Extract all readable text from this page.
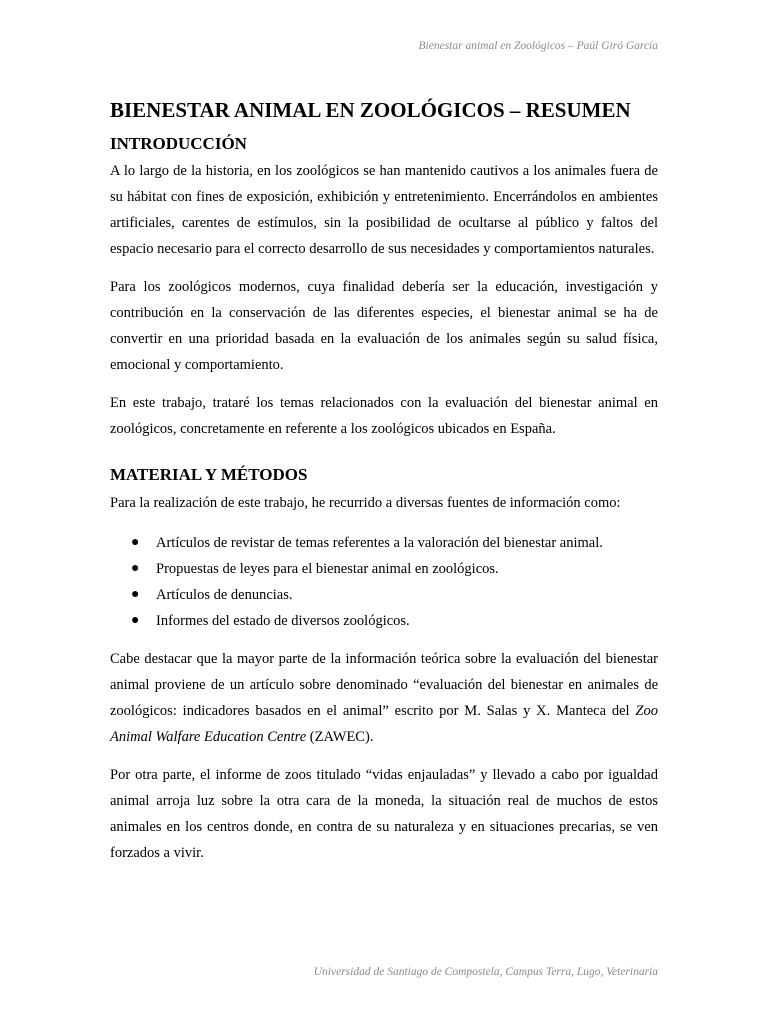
Bienestar animal en Zoológicos – Paúl Giró García
BIENESTAR ANIMAL EN ZOOLÓGICOS – RESUMEN
INTRODUCCIÓN

A lo largo de la historia, en los zoológicos se han mantenido cautivos a los animales fuera de su hábitat con fines de exposición, exhibición y entretenimiento. Encerrándolos en ambientes artificiales, carentes de estímulos, sin la posibilidad de ocultarse al público y faltos del espacio necesario para el correcto desarrollo de sus necesidades y comportamientos naturales.

Para los zoológicos modernos, cuya finalidad debería ser la educación, investigación y contribución en la conservación de las diferentes especies, el bienestar animal se ha de convertir en una prioridad basada en la evaluación de los animales según su salud física, emocional y comportamiento.

En este trabajo, trataré los temas relacionados con la evaluación del bienestar animal en zoológicos, concretamente en referente a los zoológicos ubicados en España.

MATERIAL Y MÉTODOS

Para la realización de este trabajo, he recurrido a diversas fuentes de información como:

● Artículos de revistar de temas referentes a la valoración del bienestar animal.
● Propuestas de leyes para el bienestar animal en zoológicos.
● Artículos de denuncias.
● Informes del estado de diversos zoológicos.

Cabe destacar que la mayor parte de la información teórica sobre la evaluación del bienestar animal proviene de un artículo sobre denominado “evaluación del bienestar en animales de zoológicos: indicadores basados en el animal” escrito por M. Salas y X. Manteca del Zoo Animal Walfare Education Centre (ZAWEC).

Por otra parte, el informe de zoos titulado “vidas enjauladas” y llevado a cabo por igualdad animal arroja luz sobre la otra cara de la moneda, la situación real de muchos de estos animales en los centros donde, en contra de su naturaleza y en situaciones precarias, se ven forzados a vivir.

Universidad de Santiago de Compostela, Campus Terra, Lugo, Veterinaria
